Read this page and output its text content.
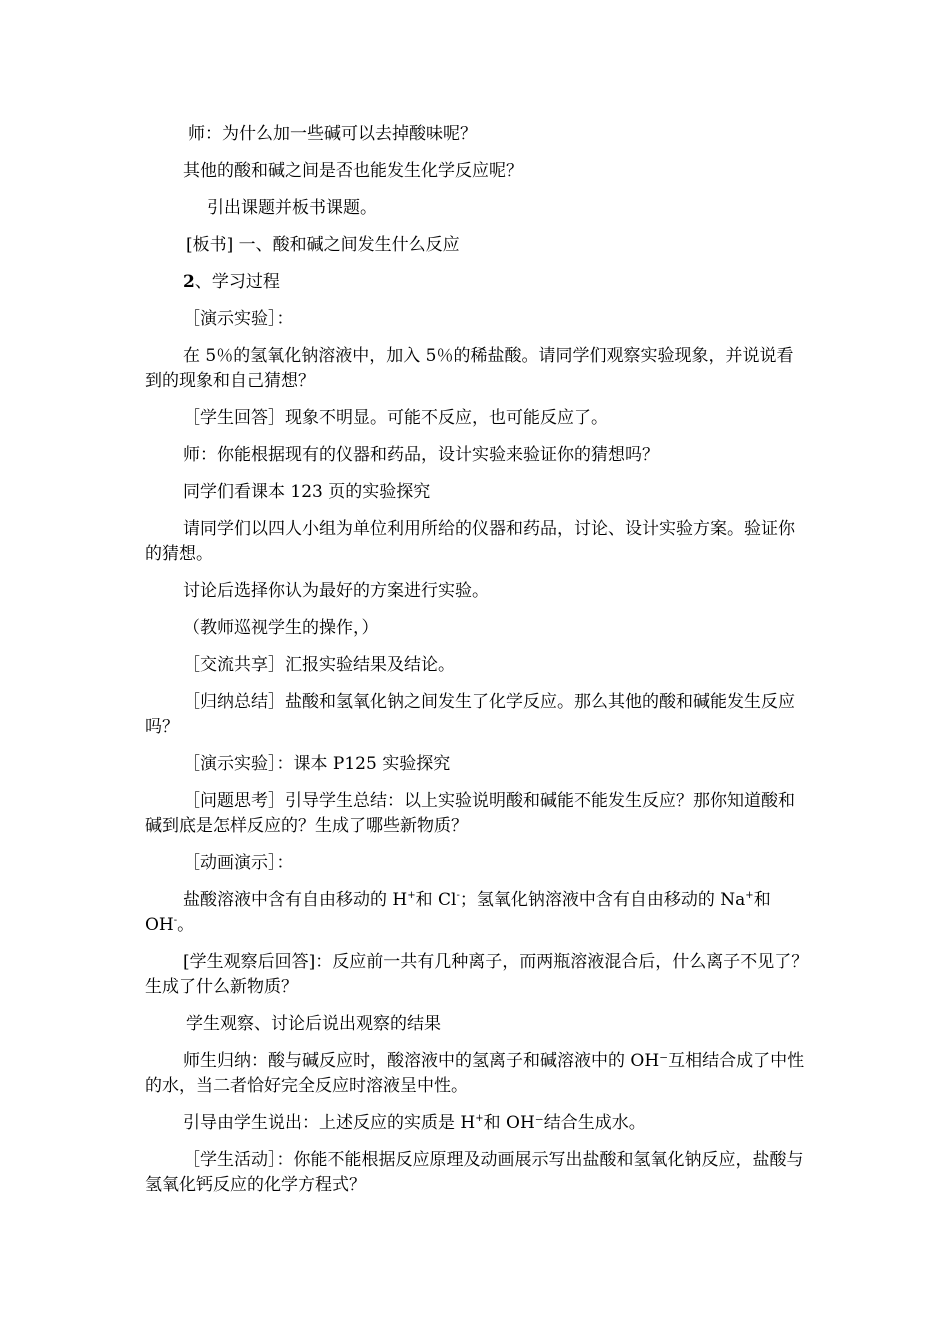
师：为什么加一些碱可以去掉酸味呢？

其他的酸和碱之间是否也能发生化学反应呢？

引出课题并板书课题。

[板书] 一、酸和碱之间发生什么反应

2、学习过程

［演示实验］：

在 5％的氢氧化钠溶液中，加入 5％的稀盐酸。请同学们观察实验现象，并说说看到的现象和自己猜想？

［学生回答］现象不明显。可能不反应，也可能反应了。

师：你能根据现有的仪器和药品，设计实验来验证你的猜想吗？

同学们看课本 123 页的实验探究

请同学们以四人小组为单位利用所给的仪器和药品，讨论、设计实验方案。验证你的猜想。

讨论后选择你认为最好的方案进行实验。

（教师巡视学生的操作，）

［交流共享］汇报实验结果及结论。

［归纳总结］盐酸和氢氧化钠之间发生了化学反应。那么其他的酸和碱能发生反应吗？

［演示实验］：课本 P125 实验探究

［问题思考］引导学生总结：以上实验说明酸和碱能不能发生反应？那你知道酸和碱到底是怎样反应的？生成了哪些新物质？

［动画演示］：

盐酸溶液中含有自由移动的 H+和 Cl-；氢氧化钠溶液中含有自由移动的 Na+和 OH-。

[学生观察后回答]：反应前一共有几种离子，而两瓶溶液混合后，什么离子不见了？生成了什么新物质？

学生观察、讨论后说出观察的结果

师生归纳：酸与碱反应时，酸溶液中的氢离子和碱溶液中的 OH⁻互相结合成了中性的水，当二者恰好完全反应时溶液呈中性。

引导由学生说出：上述反应的实质是 H+和 OH⁻结合生成水。

［学生活动］：你能不能根据反应原理及动画展示写出盐酸和氢氧化钠反应，盐酸与氢氧化钙反应的化学方程式？
